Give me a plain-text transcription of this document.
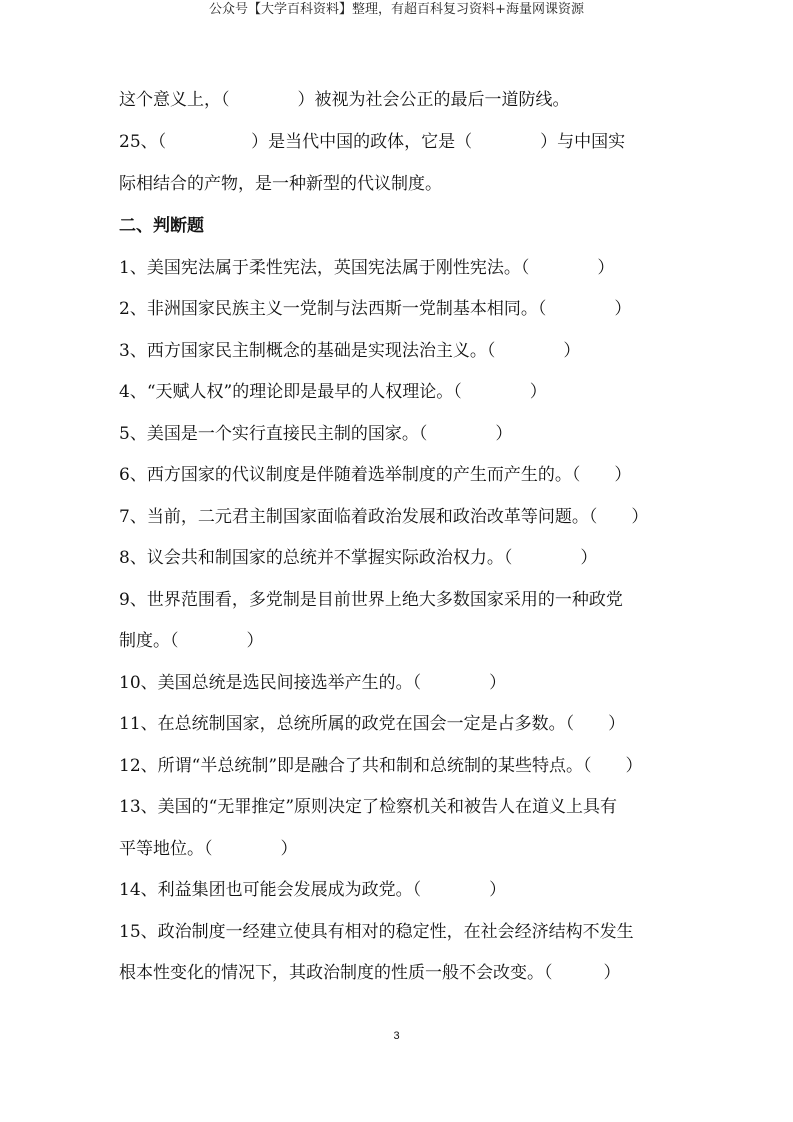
公众号【大学百科资料】整理，有超百科复习资料+海量网课资源
这个意义上，（　　　　）被视为社会公正的最后一道防线。
25、（　　　　　）是当代中国的政体，它是（　　　　）与中国实
际相结合的产物，是一种新型的代议制度。
二、判断题
1、美国宪法属于柔性宪法，英国宪法属于刚性宪法。（　　　　）
2、非洲国家民族主义一党制与法西斯一党制基本相同。（　　　　）
3、西方国家民主制概念的基础是实现法治主义。（　　　　）
4、“天赋人权”的理论即是最早的人权理论。（　　　　）
5、美国是一个实行直接民主制的国家。（　　　　）
6、西方国家的代议制度是伴随着选举制度的产生而产生的。（　　）
7、当前，二元君主制国家面临着政治发展和政治改革等问题。（　　）
8、议会共和制国家的总统并不掌握实际政治权力。（　　　　）
9、世界范围看，多党制是目前世界上绝大多数国家采用的一种政党
制度。（　　　　）
10、美国总统是选民间接选举产生的。（　　　　）
11、在总统制国家，总统所属的政党在国会一定是占多数。（　　）
12、所谓“半总统制”即是融合了共和制和总统制的某些特点。（　　）
13、美国的“无罪推定”原则决定了检察机关和被告人在道义上具有
平等地位。（　　　　）
14、利益集团也可能会发展成为政党。（　　　　）
15、政治制度一经建立使具有相对的稳定性，在社会经济结构不发生
根本性变化的情况下，其政治制度的性质一般不会改变。（　　　）
3
